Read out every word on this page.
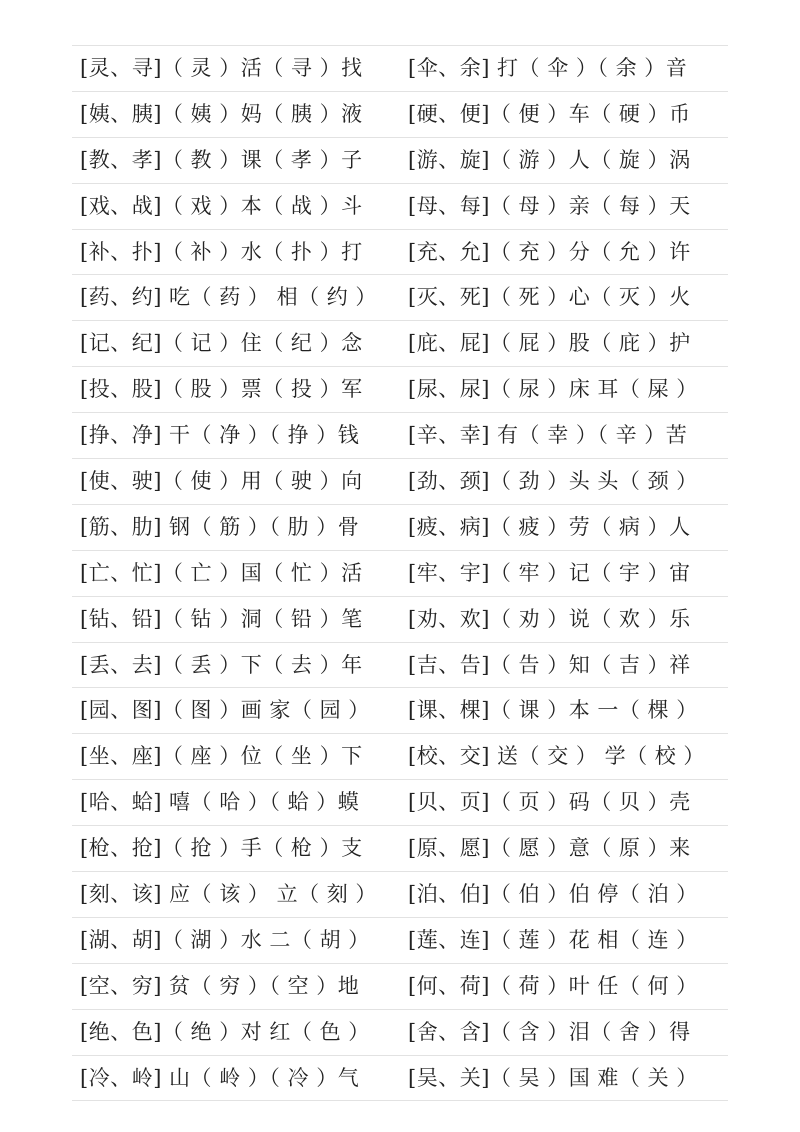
[灵、寻]（ 灵 ）活（ 寻 ）找 [伞、余] 打（ 伞 ）（ 余 ）音
[姨、胰]（ 姨 ）妈（ 胰 ）液 [硬、便]（ 便 ）车（ 硬 ）币
[教、孝]（ 教 ）课（ 孝 ）子 [游、旋]（ 游 ）人（ 旋 ）涡
[戏、战]（ 戏 ）本（ 战 ）斗 [母、每]（ 母 ）亲（ 每 ）天
[补、扑]（ 补 ）水（ 扑 ）打 [充、允]（ 充 ）分（ 允 ）许
[药、约] 吃（ 药 ） 相（ 约 ） [灭、死]（ 死 ）心（ 灭 ）火
[记、纪]（ 记 ）住（ 纪 ）念 [庇、屁]（ 屁 ）股（ 庇 ）护
[投、股]（ 股 ）票（ 投 ）军 [尿、尿]（ 尿 ）床 耳（ 屎 ）
[挣、净] 干（ 净 ）（ 挣 ）钱 [辛、幸] 有（ 幸 ）（ 辛 ）苦
[使、驶]（ 使 ）用（ 驶 ）向 [劲、颈]（ 劲 ）头 头（ 颈 ）
[筋、肋] 钢（ 筋 ）（ 肋 ）骨 [疲、病]（ 疲 ）劳（ 病 ）人
[亡、忙]（ 亡 ）国（ 忙 ）活 [牢、宇]（ 牢 ）记（ 宇 ）宙
[钻、铅]（ 钻 ）洞（ 铅 ）笔 [劝、欢]（ 劝 ）说（ 欢 ）乐
[丢、去]（ 丢 ）下（ 去 ）年 [吉、告]（ 告 ）知（ 吉 ）祥
[园、图]（ 图 ）画 家（ 园 ） [课、棵]（ 课 ）本 一（ 棵 ）
[坐、座]（ 座 ）位（ 坐 ）下 [校、交] 送（ 交 ） 学（ 校 ）
[哈、蛤] 嘻（ 哈 ）（ 蛤 ）蟆 [贝、页]（ 页 ）码（ 贝 ）壳
[枪、抢]（ 抢 ）手（ 枪 ）支 [原、愿]（ 愿 ）意（ 原 ）来
[刻、该] 应（ 该 ） 立（ 刻 ） [泊、伯]（ 伯 ）伯 停（ 泊 ）
[湖、胡]（ 湖 ）水 二（ 胡 ） [莲、连]（ 莲 ）花 相（ 连 ）
[空、穷] 贫（ 穷 ）（ 空 ）地 [何、荷]（ 荷 ）叶 任（ 何 ）
[绝、色]（ 绝 ）对 红（ 色 ） [舍、含]（ 含 ）泪（ 舍 ）得
[冷、岭] 山（ 岭 ）（ 冷 ）气 [吴、关]（ 吴 ）国 难（ 关 ）
